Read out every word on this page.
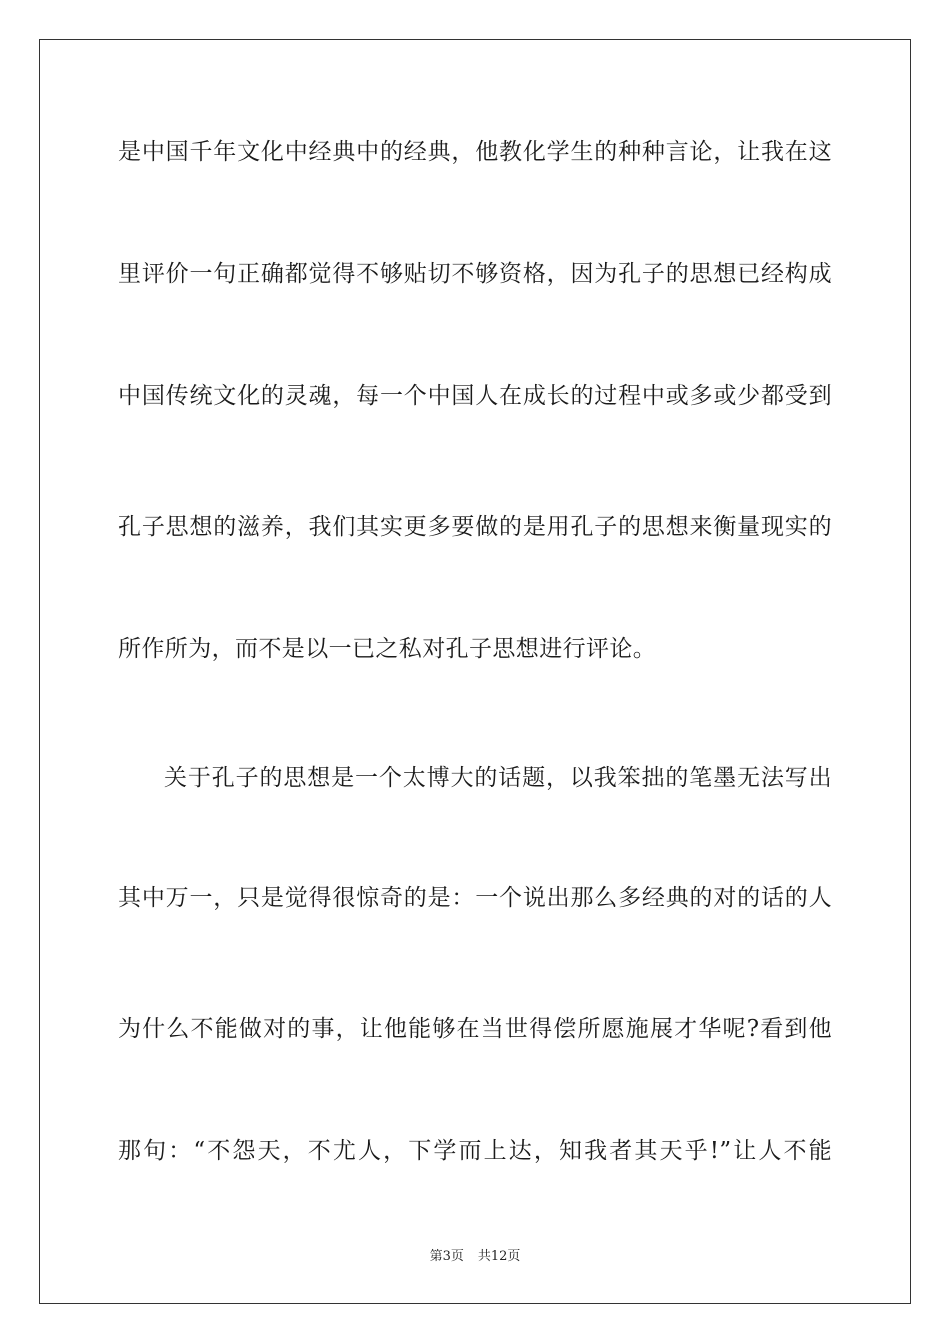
是中国千年文化中经典中的经典，他教化学生的种种言论，让我在这
里评价一句正确都觉得不够贴切不够资格，因为孔子的思想已经构成
中国传统文化的灵魂，每一个中国人在成长的过程中或多或少都受到
孔子思想的滋养，我们其实更多要做的是用孔子的思想来衡量现实的
所作所为，而不是以一已之私对孔子思想进行评论。
关于孔子的思想是一个太博大的话题，以我笨拙的笔墨无法写出
其中万一，只是觉得很惊奇的是：一个说出那么多经典的对的话的人
为什么不能做对的事，让他能够在当世得偿所愿施展才华呢?看到他
那句：“不怨天，不尤人，下学而上达，知我者其天乎!”让人不能
第3页 共12页
